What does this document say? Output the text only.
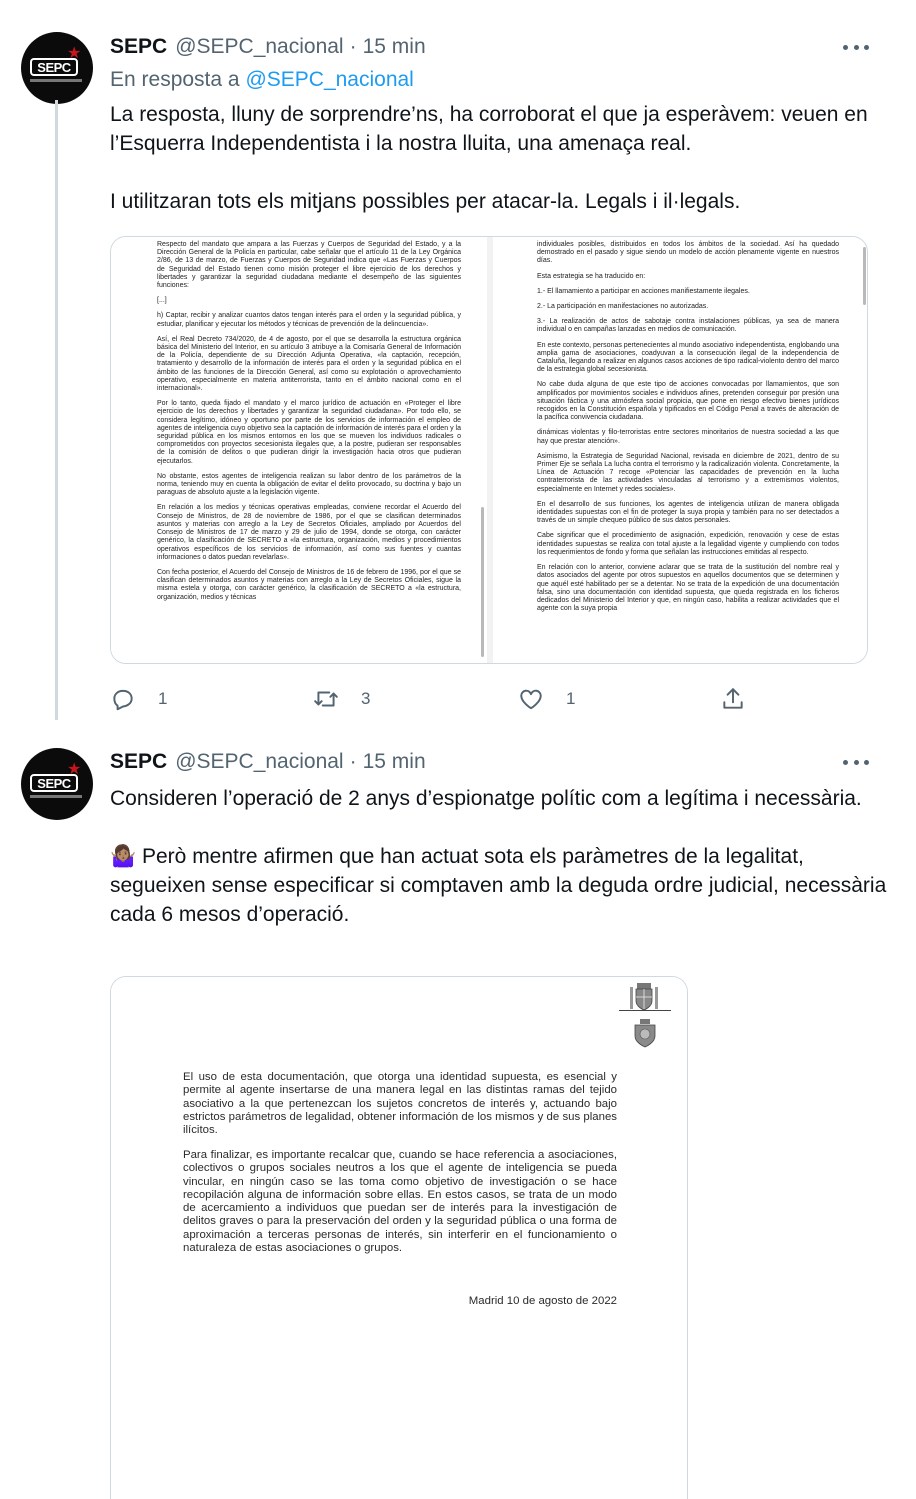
★
SEPC
SEPC @SEPC_nacional · 15 min
En resposta a @SEPC_nacional
La resposta, lluny de sorprendre’ns, ha corroborat el que ja esperàvem: veuen en l’Esquerra Independentista i la nostra lluita, una amenaça real.
I utilitzaran tots els mitjans possibles per atacar-la. Legals i il·legals.

Respecto del mandato que ampara a las Fuerzas y Cuerpos de Seguridad del Estado, y a la Dirección General de la Policía en particular, cabe señalar que el artículo 11 de la Ley Orgánica 2/86, de 13 de marzo, de Fuerzas y Cuerpos de Seguridad indica que «Las Fuerzas y Cuerpos de Seguridad del Estado tienen como misión proteger el libre ejercicio de los derechos y libertades y garantizar la seguridad ciudadana mediante el desempeño de las siguientes funciones:

[...]

h) Captar, recibir y analizar cuantos datos tengan interés para el orden y la seguridad pública, y estudiar, planificar y ejecutar los métodos y técnicas de prevención de la delincuencia».

Así, el Real Decreto 734/2020, de 4 de agosto, por el que se desarrolla la estructura orgánica básica del Ministerio del Interior, en su artículo 3 atribuye a la Comisaría General de Información de la Policía, dependiente de su Dirección Adjunta Operativa, «la captación, recepción, tratamiento y desarrollo de la información de interés para el orden y la seguridad pública en el ámbito de las funciones de la Dirección General, así como su explotación o aprovechamiento operativo, especialmente en materia antiterrorista, tanto en el ámbito nacional como en el internacional».

Por lo tanto, queda fijado el mandato y el marco jurídico de actuación en «Proteger el libre ejercicio de los derechos y libertades y garantizar la seguridad ciudadana». Por todo ello, se considera legítimo, idóneo y oportuno por parte de los servicios de información el empleo de agentes de inteligencia cuyo objetivo sea la captación de información de interés para el orden y la seguridad pública en los mismos entornos en los que se mueven los individuos radicales o comprometidos con proyectos secesionista ilegales que, a la postre, pudieran ser responsables de la comisión de delitos o que pudieran dirigir la investigación hacia otros que pudieran ejecutarlos.

No obstante, estos agentes de inteligencia realizan su labor dentro de los parámetros de la norma, teniendo muy en cuenta la obligación de evitar el delito provocado, su doctrina y bajo un paraguas de absoluto ajuste a la legislación vigente.

En relación a los medios y técnicas operativas empleadas, conviene recordar el Acuerdo del Consejo de Ministros, de 28 de noviembre de 1986, por el que se clasifican determinados asuntos y materias con arreglo a la Ley de Secretos Oficiales, ampliado por Acuerdos del Consejo de Ministros de 17 de marzo y 29 de julio de 1994, donde se otorga, con carácter genérico, la clasificación de SECRETO a «la estructura, organización, medios y procedimientos operativos específicos de los servicios de información, así como sus fuentes y cuantas informaciones o datos puedan revelarlas».

Con fecha posterior, el Acuerdo del Consejo de Ministros de 16 de febrero de 1996, por el que se clasifican determinados asuntos y materias con arreglo a la Ley de Secretos Oficiales, sigue la misma estela y otorga, con carácter genérico, la clasificación de SECRETO a «la estructura, organización, medios y técnicas

individuales posibles, distribuidos en todos los ámbitos de la sociedad. Así ha quedado demostrado en el pasado y sigue siendo un modelo de acción plenamente vigente en nuestros días.

Esta estrategia se ha traducido en:

1.- El llamamiento a participar en acciones manifiestamente ilegales.

2.- La participación en manifestaciones no autorizadas.

3.- La realización de actos de sabotaje contra instalaciones públicas, ya sea de manera individual o en campañas lanzadas en medios de comunicación.

En este contexto, personas pertenecientes al mundo asociativo independentista, englobando una amplia gama de asociaciones, coadyuvan a la consecución ilegal de la independencia de Cataluña, llegando a realizar en algunos casos acciones de tipo radical-violento dentro del marco de la estrategia global secesionista.

No cabe duda alguna de que este tipo de acciones convocadas por llamamientos, que son amplificados por movimientos sociales e individuos afines, pretenden conseguir por presión una situación fáctica y una atmósfera social propicia, que pone en riesgo efectivo bienes jurídicos recogidos en la Constitución española y tipificados en el Código Penal a través de alteración de la pacífica convivencia ciudadana.

dinámicas violentas y filo-terroristas entre sectores minoritarios de nuestra sociedad a las que hay que prestar atención».

Asimismo, la Estrategia de Seguridad Nacional, revisada en diciembre de 2021, dentro de su Primer Eje se señala La lucha contra el terrorismo y la radicalización violenta. Concretamente, la Línea de Actuación 7 recoge «Potenciar las capacidades de prevención en la lucha contraterrorista de las actividades vinculadas al terrorismo y a extremismos violentos, especialmente en Internet y redes sociales».

En el desarrollo de sus funciones, los agentes de inteligencia utilizan de manera obligada identidades supuestas con el fin de proteger la suya propia y también para no ser detectados a través de un simple chequeo público de sus datos personales.

Cabe significar que el procedimiento de asignación, expedición, renovación y cese de estas identidades supuestas se realiza con total ajuste a la legalidad vigente y cumpliendo con todos los requerimientos de fondo y forma que señalan las instrucciones emitidas al respecto.

En relación con lo anterior, conviene aclarar que se trata de la sustitución del nombre real y datos asociados del agente por otros supuestos en aquellos documentos que se determinen y que aquél esté habilitado per se a detentar. No se trata de la expedición de una documentación falsa, sino una documentación con identidad supuesta, que queda registrada en los ficheros dedicados del Ministerio del Interior y que, en ningún caso, habilita a realizar actividades que el agente con la suya propia

1	3	1
★
SEPC
SEPC @SEPC_nacional · 15 min
Consideren l’operació de 2 anys d’espionatge polític com a legítima i necessària.
🤷🏽‍♀️ Però mentre afirmen que han actuat sota els paràmetres de la legalitat, segueixen sense especificar si comptaven amb la deguda ordre judicial, necessària cada 6 mesos d’operació.

El uso de esta documentación, que otorga una identidad supuesta, es esencial y permite al agente insertarse de una manera legal en las distintas ramas del tejido asociativo a la que pertenezcan los sujetos concretos de interés y, actuando bajo estrictos parámetros de legalidad, obtener información de los mismos y de sus planes ilícitos.

Para finalizar, es importante recalcar que, cuando se hace referencia a asociaciones, colectivos o grupos sociales neutros a los que el agente de inteligencia se pueda vincular, en ningún caso se las toma como objetivo de investigación o se hace recopilación alguna de información sobre ellas. En estos casos, se trata de un modo de acercamiento a individuos que puedan ser de interés para la investigación de delitos graves o para la preservación del orden y la seguridad pública o una forma de aproximación a terceras personas de interés, sin interferir en el funcionamiento o naturaleza de estas asociaciones o grupos.

Madrid 10 de agosto de 2022
